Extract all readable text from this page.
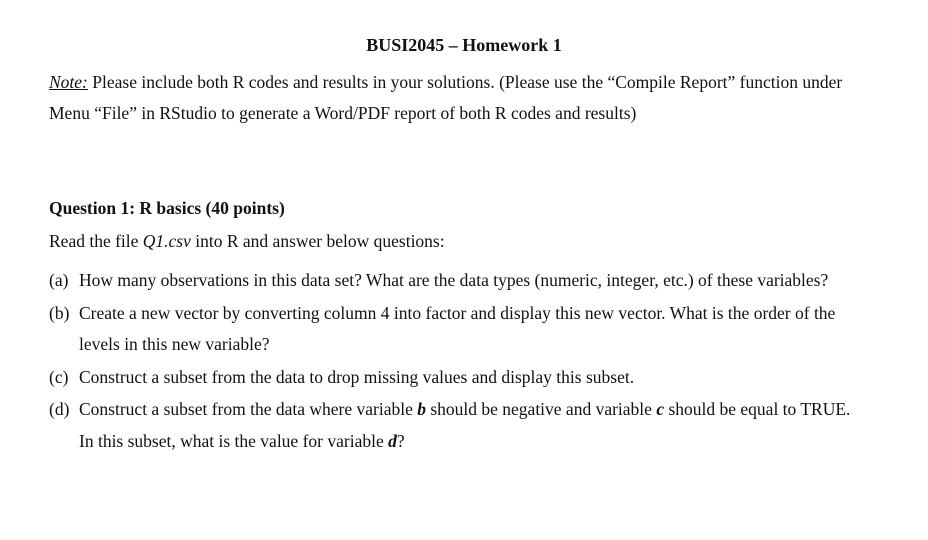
BUSI2045 – Homework 1
Note: Please include both R codes and results in your solutions. (Please use the “Compile Report” function under
Menu “File” in RStudio to generate a Word/PDF report of both R codes and results)
Question 1: R basics (40 points)
Read the file Q1.csv into R and answer below questions:
(a) How many observations in this data set? What are the data types (numeric, integer, etc.) of these variables?
(b) Create a new vector by converting column 4 into factor and display this new vector. What is the order of the
levels in this new variable?
(c) Construct a subset from the data to drop missing values and display this subset.
(d) Construct a subset from the data where variable b should be negative and variable c should be equal to TRUE.
In this subset, what is the value for variable d?
